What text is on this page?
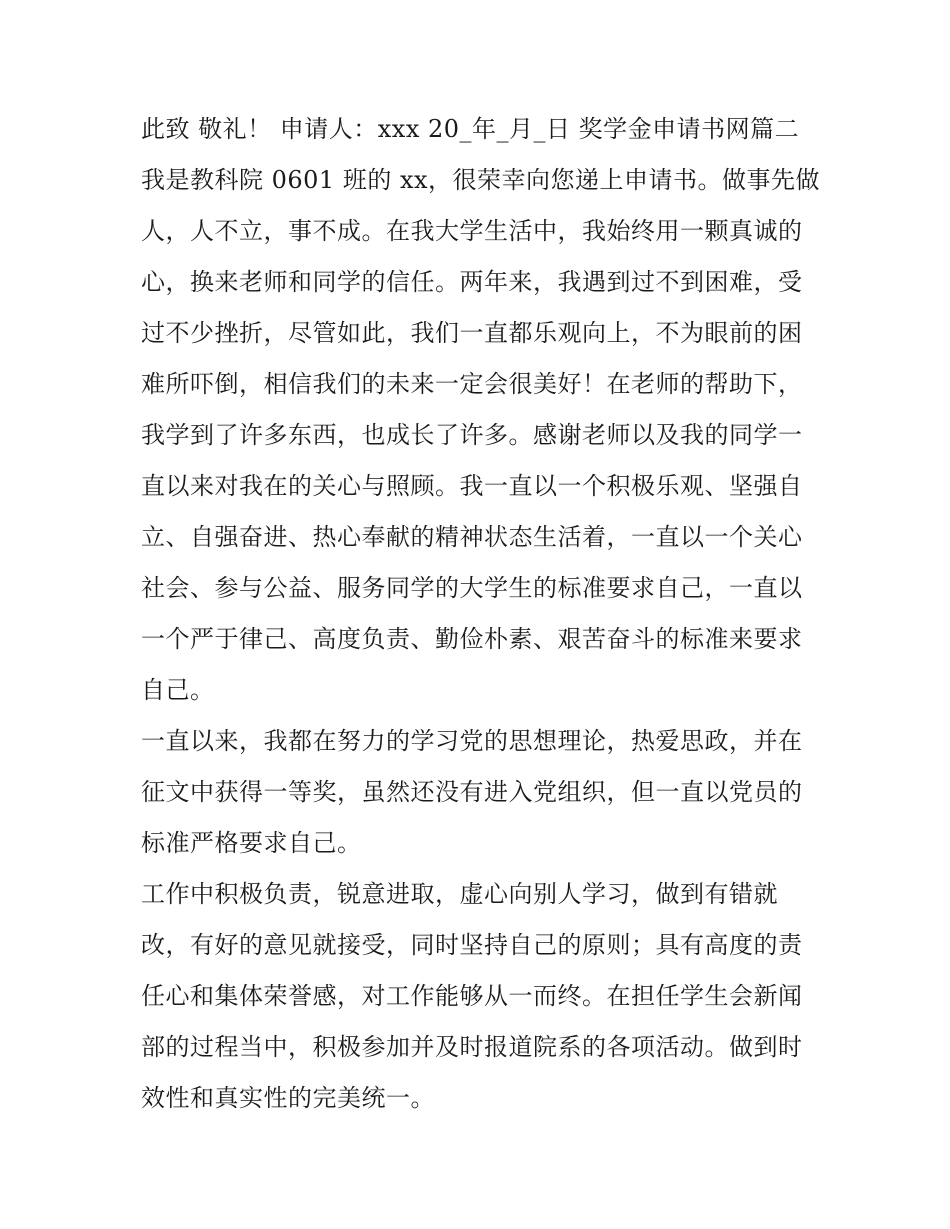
此致 敬礼！ 申请人：xxx 20_年_月_日 奖学金申请书网篇二
我是教科院 0601 班的 xx，很荣幸向您递上申请书。做事先做
人，人不立，事不成。在我大学生活中，我始终用一颗真诚的
心，换来老师和同学的信任。两年来，我遇到过不到困难，受
过不少挫折，尽管如此，我们一直都乐观向上，不为眼前的困
难所吓倒，相信我们的未来一定会很美好！在老师的帮助下，
我学到了许多东西，也成长了许多。感谢老师以及我的同学一
直以来对我在的关心与照顾。我一直以一个积极乐观、坚强自
立、自强奋进、热心奉献的精神状态生活着，一直以一个关心
社会、参与公益、服务同学的大学生的标准要求自己，一直以
一个严于律己、高度负责、勤俭朴素、艰苦奋斗的标准来要求
自己。
一直以来，我都在努力的学习党的思想理论，热爱思政，并在
征文中获得一等奖，虽然还没有进入党组织，但一直以党员的
标准严格要求自己。
工作中积极负责，锐意进取，虚心向别人学习，做到有错就
改，有好的意见就接受，同时坚持自己的原则；具有高度的责
任心和集体荣誉感，对工作能够从一而终。在担任学生会新闻
部的过程当中，积极参加并及时报道院系的各项活动。做到时
效性和真实性的完美统一。
